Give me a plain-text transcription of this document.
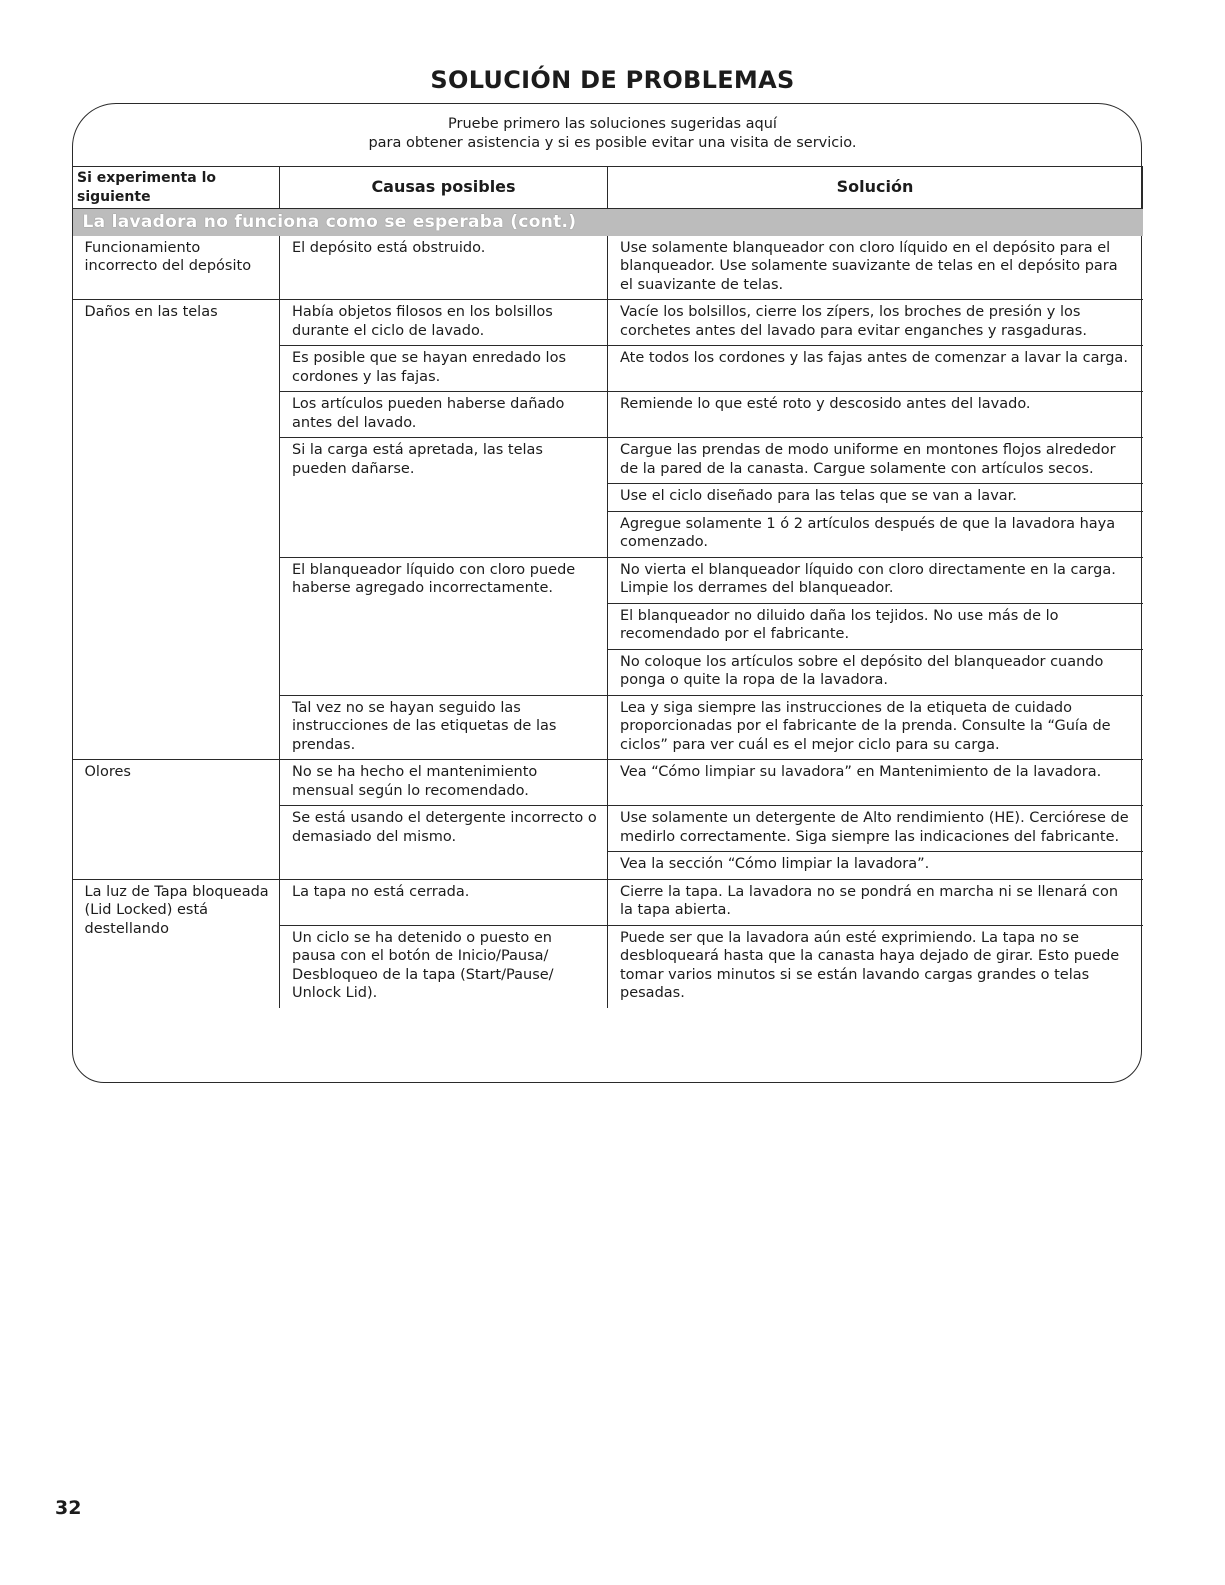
SOLUCIÓN DE PROBLEMAS
Pruebe primero las soluciones sugeridas aquí
para obtener asistencia y si es posible evitar una visita de servicio.
Si experimenta lo siguiente	Causas posibles	Solución
La lavadora no funciona como se esperaba (cont.)		
Funcionamiento incorrecto del depósito	El depósito está obstruido.	Use solamente blanqueador con cloro líquido en el depósito para el blanqueador. Use solamente suavizante de telas en el depósito para el suavizante de telas.
Daños en las telas	Había objetos filosos en los bolsillos durante el ciclo de lavado.	Vacíe los bolsillos, cierre los zípers, los broches de presión y los corchetes antes del lavado para evitar enganches y rasgaduras.
	Es posible que se hayan enredado los cordones y las fajas.	Ate todos los cordones y las fajas antes de comenzar a lavar la carga.
	Los artículos pueden haberse dañado antes del lavado.	Remiende lo que esté roto y descosido antes del lavado.
	Si la carga está apretada, las telas pueden dañarse.	Cargue las prendas de modo uniforme en montones flojos alrededor de la pared de la canasta. Cargue solamente con artículos secos.
		Use el ciclo diseñado para las telas que se van a lavar.
		Agregue solamente 1 ó 2 artículos después de que la lavadora haya comenzado.
	El blanqueador líquido con cloro puede haberse agregado incorrectamente.	No vierta el blanqueador líquido con cloro directamente en la carga. Limpie los derrames del blanqueador.
		El blanqueador no diluido daña los tejidos. No use más de lo recomendado por el fabricante.
		No coloque los artículos sobre el depósito del blanqueador cuando ponga o quite la ropa de la lavadora.
	Tal vez no se hayan seguido las instrucciones de las etiquetas de las prendas.	Lea y siga siempre las instrucciones de la etiqueta de cuidado proporcionadas por el fabricante de la prenda. Consulte la “Guía de ciclos” para ver cuál es el mejor ciclo para su carga.
Olores	No se ha hecho el mantenimiento mensual según lo recomendado.	Vea “Cómo limpiar su lavadora” en Mantenimiento de la lavadora.
	Se está usando el detergente incorrecto o demasiado del mismo.	Use solamente un detergente de Alto rendimiento (HE). Cerciórese de medirlo correctamente. Siga siempre las indicaciones del fabricante.
		Vea la sección “Cómo limpiar la lavadora”.
La luz de Tapa bloqueada (Lid Locked) está destellando	La tapa no está cerrada.	Cierre la tapa. La lavadora no se pondrá en marcha ni se llenará con la tapa abierta.
	Un ciclo se ha detenido o puesto en pausa con el botón de Inicio/Pausa/ Desbloqueo de la tapa (Start/Pause/ Unlock Lid).	Puede ser que la lavadora aún esté exprimiendo. La tapa no se desbloqueará hasta que la canasta haya dejado de girar. Esto puede tomar varios minutos si se están lavando cargas grandes o telas pesadas.
32
